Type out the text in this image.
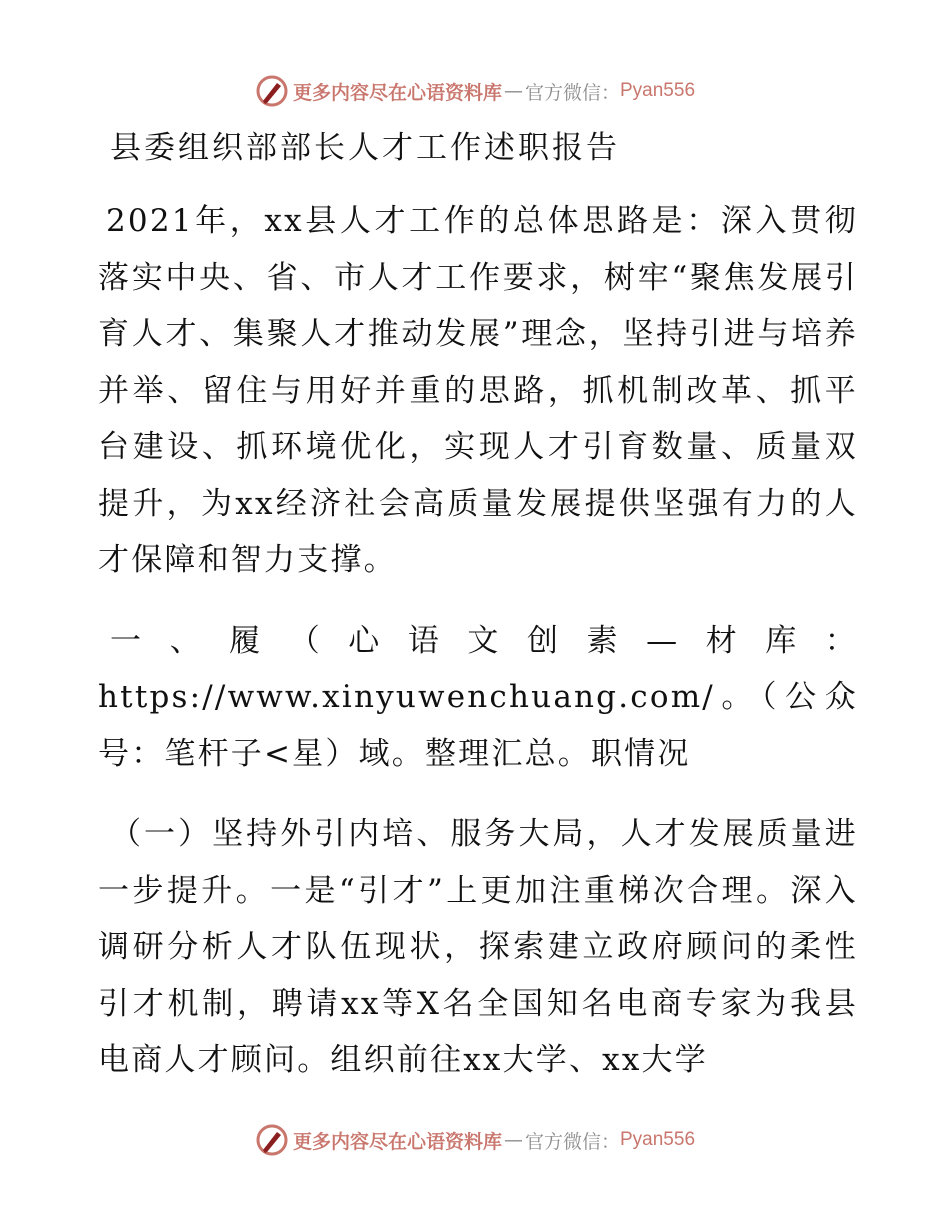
更多内容尽在心语资料库 — 官方微信： Pyan556
县委组织部部长人才工作述职报告

2021年，xx县人才工作的总体思路是：深入贯彻落实中央、省、市人才工作要求，树牢“聚焦发展引育人才、集聚人才推动发展”理念，坚持引进与培养并举、留住与用好并重的思路，抓机制改革、抓平台建设、抓环境优化，实现人才引育数量、质量双提升，为xx经济社会高质量发展提供坚强有力的人才保障和智力支撑。

一、履（心语文创素—材库：https://www.xinyuwenchuang.com/。（公众号：笔杆子<星）域。整理汇总。职情况

（一）坚持外引内培、服务大局，人才发展质量进一步提升。一是“引才”上更加注重梯次合理。深入调研分析人才队伍现状，探索建立政府顾问的柔性引才机制，聘请xx等X名全国知名电商专家为我县电商人才顾问。组织前往xx大学、xx大学

更多内容尽在心语资料库 — 官方微信： Pyan556
